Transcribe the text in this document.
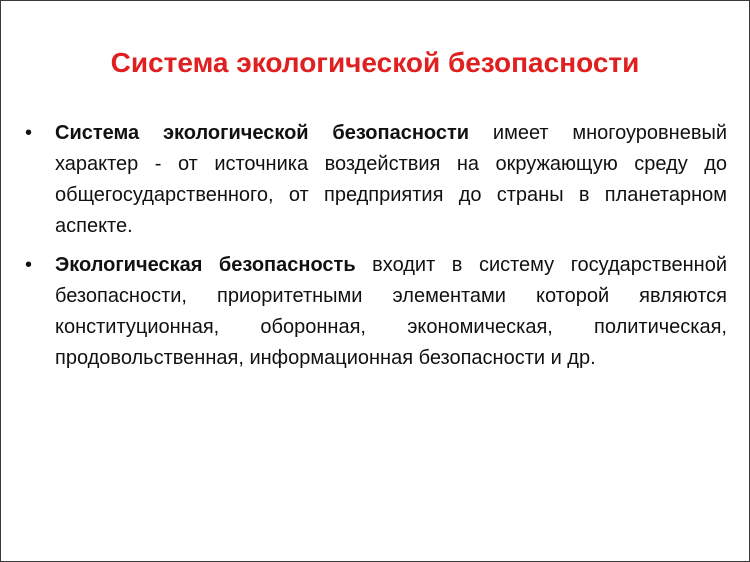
Система экологической безопасности
• Система экологической безопасности имеет многоуровневый характер - от источника воздействия на окружающую среду до общегосударственного, от предприятия до страны в планетарном аспекте.
• Экологическая безопасность входит в систему государственной безопасности, приоритетными элементами которой являются конституционная, оборонная, экономическая, политическая, продовольственная, информационная безопасности и др.
